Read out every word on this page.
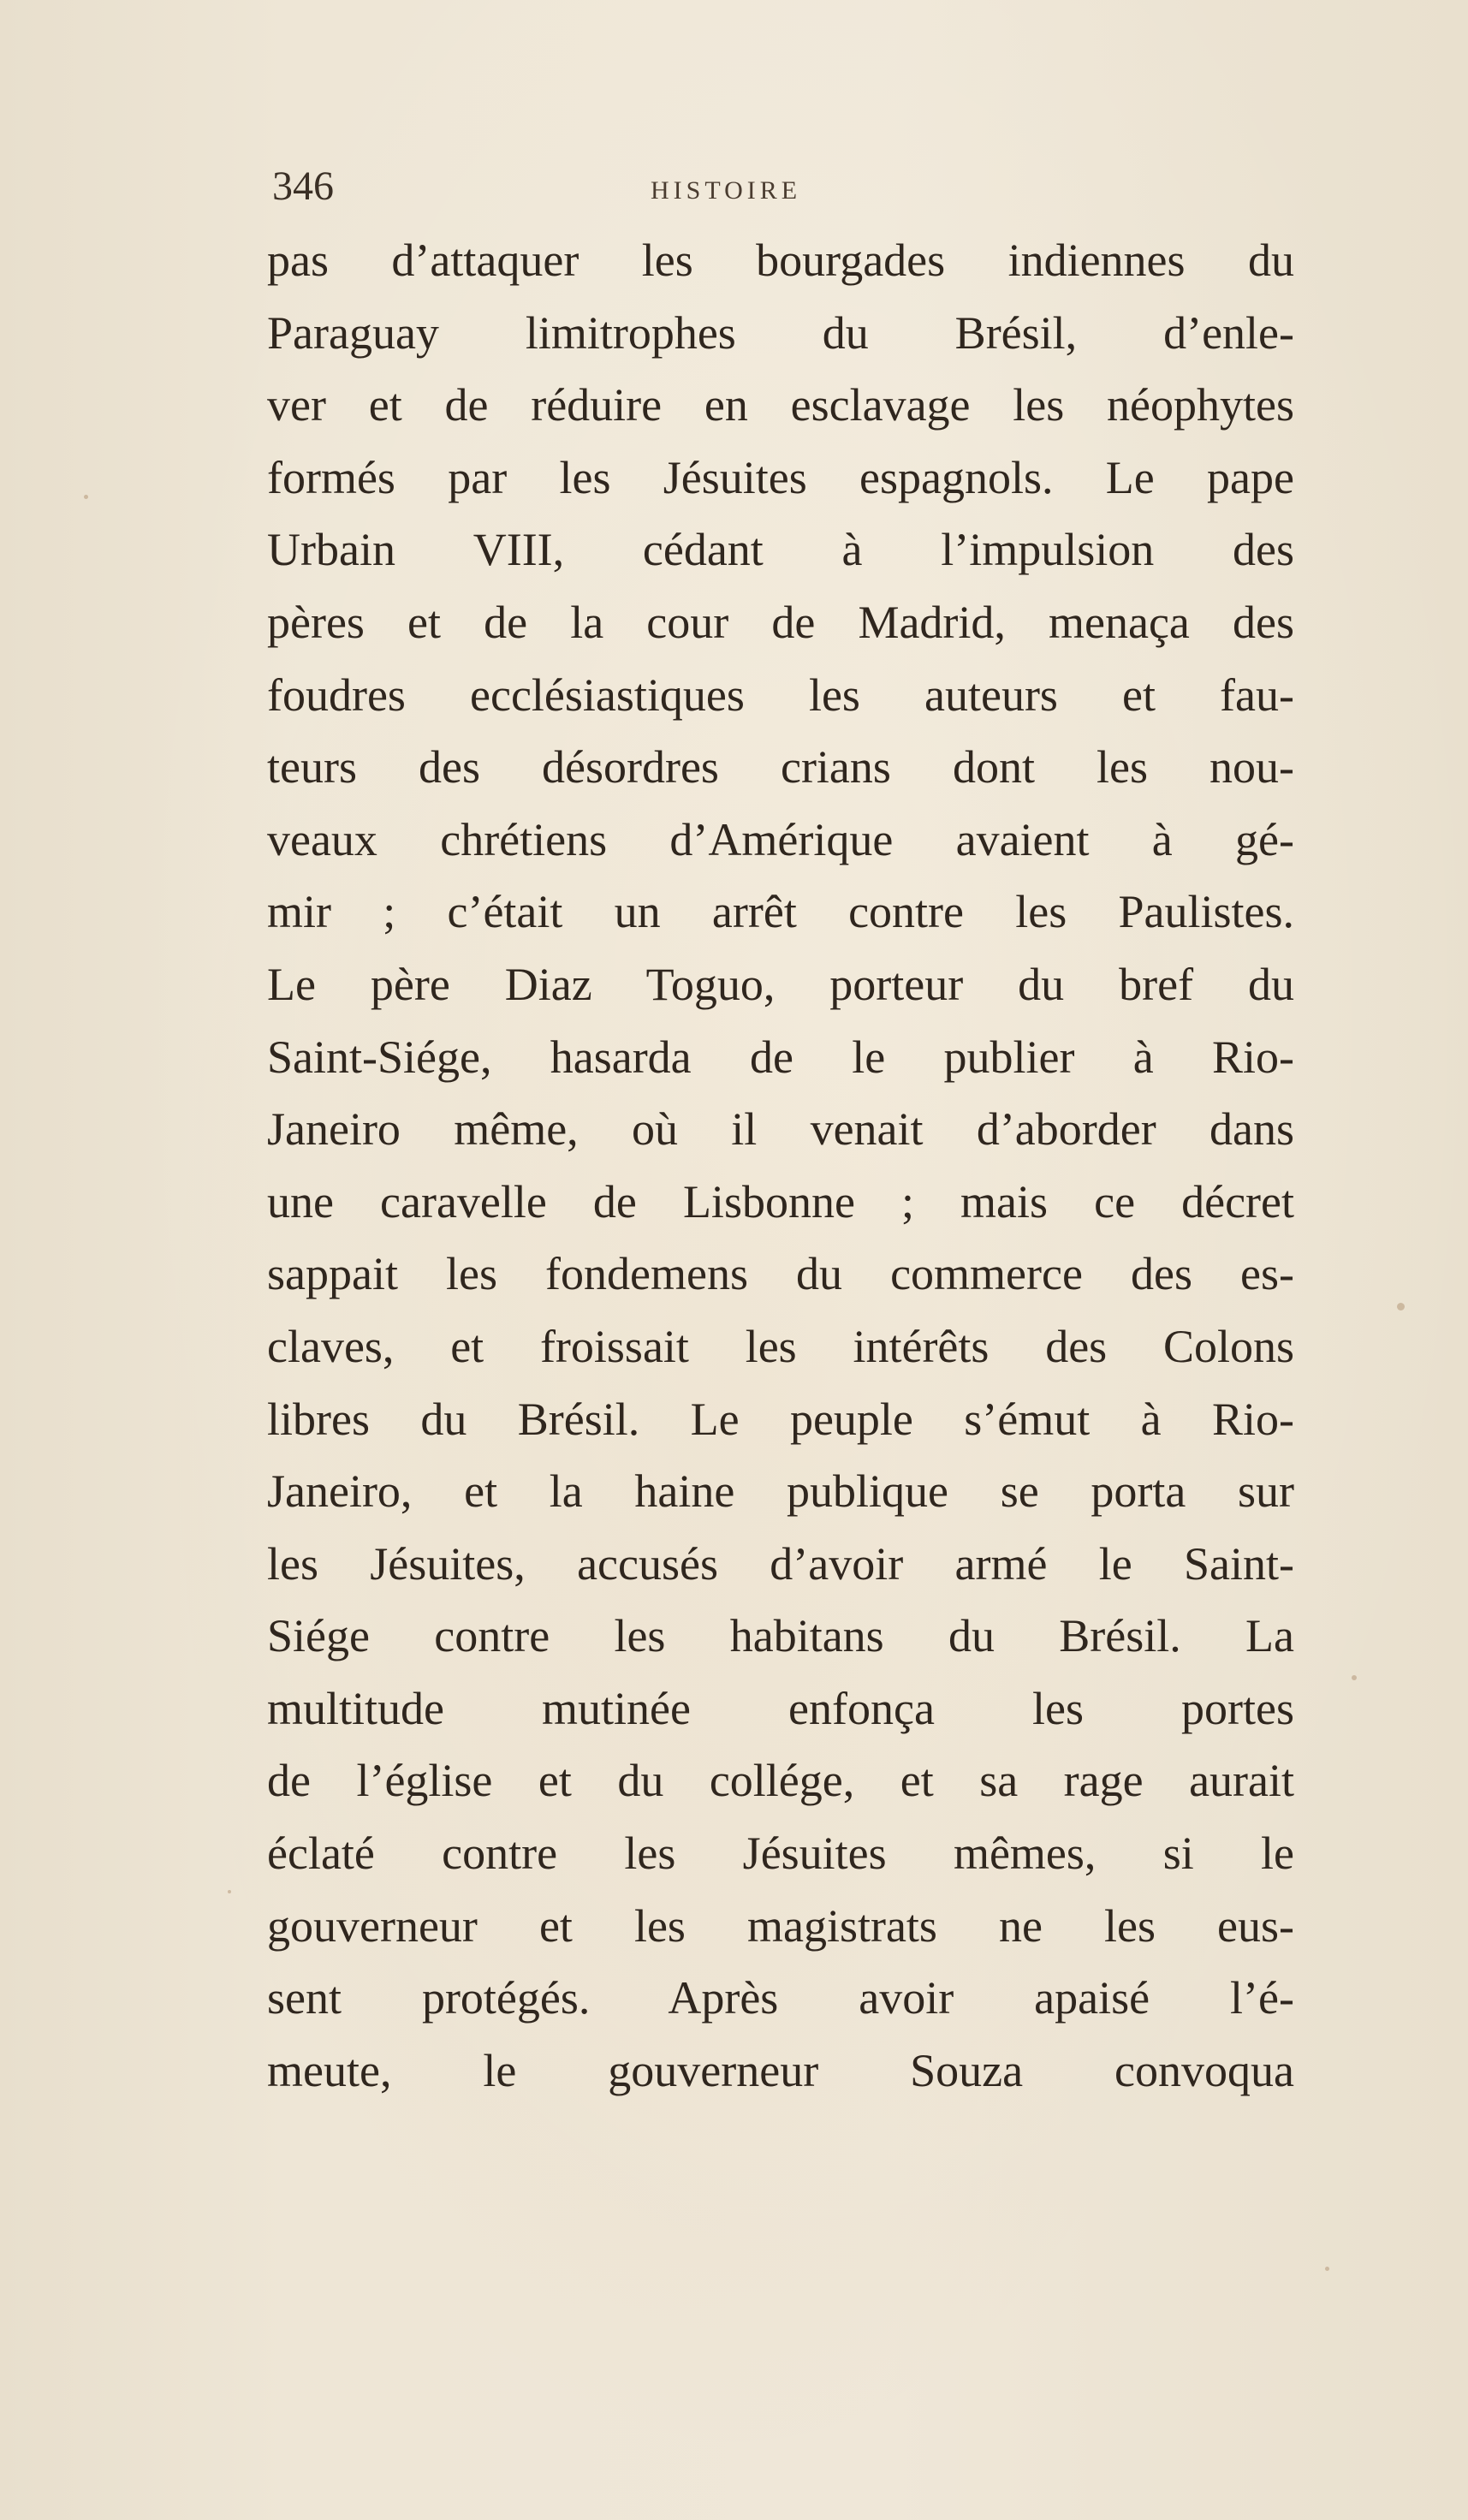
346	HISTOIRE
pas d’attaquer les bourgades indiennes du
Paraguay limitrophes du Brésil, d’enle-
ver et de réduire en esclavage les néophytes
formés par les Jésuites espagnols. Le pape
Urbain VIII, cédant à l’impulsion des
pères et de la cour de Madrid, menaça des
foudres ecclésiastiques les auteurs et fau-
teurs des désordres crians dont les nou-
veaux chrétiens d’Amérique avaient à gé-
mir ; c’était un arrêt contre les Paulistes.
Le père Diaz Toguo, porteur du bref du
Saint-Siége, hasarda de le publier à Rio-
Janeiro même, où il venait d’aborder dans
une caravelle de Lisbonne ; mais ce décret
sappait les fondemens du commerce des es-
claves, et froissait les intérêts des Colons
libres du Brésil. Le peuple s’émut à Rio-
Janeiro, et la haine publique se porta sur
les Jésuites, accusés d’avoir armé le Saint-
Siége contre les habitans du Brésil. La
multitude mutinée enfonça les portes
de l’église et du collége, et sa rage aurait
éclaté contre les Jésuites mêmes, si le
gouverneur et les magistrats ne les eus-
sent protégés. Après avoir apaisé l’é-
meute, le gouverneur Souza convoqua
